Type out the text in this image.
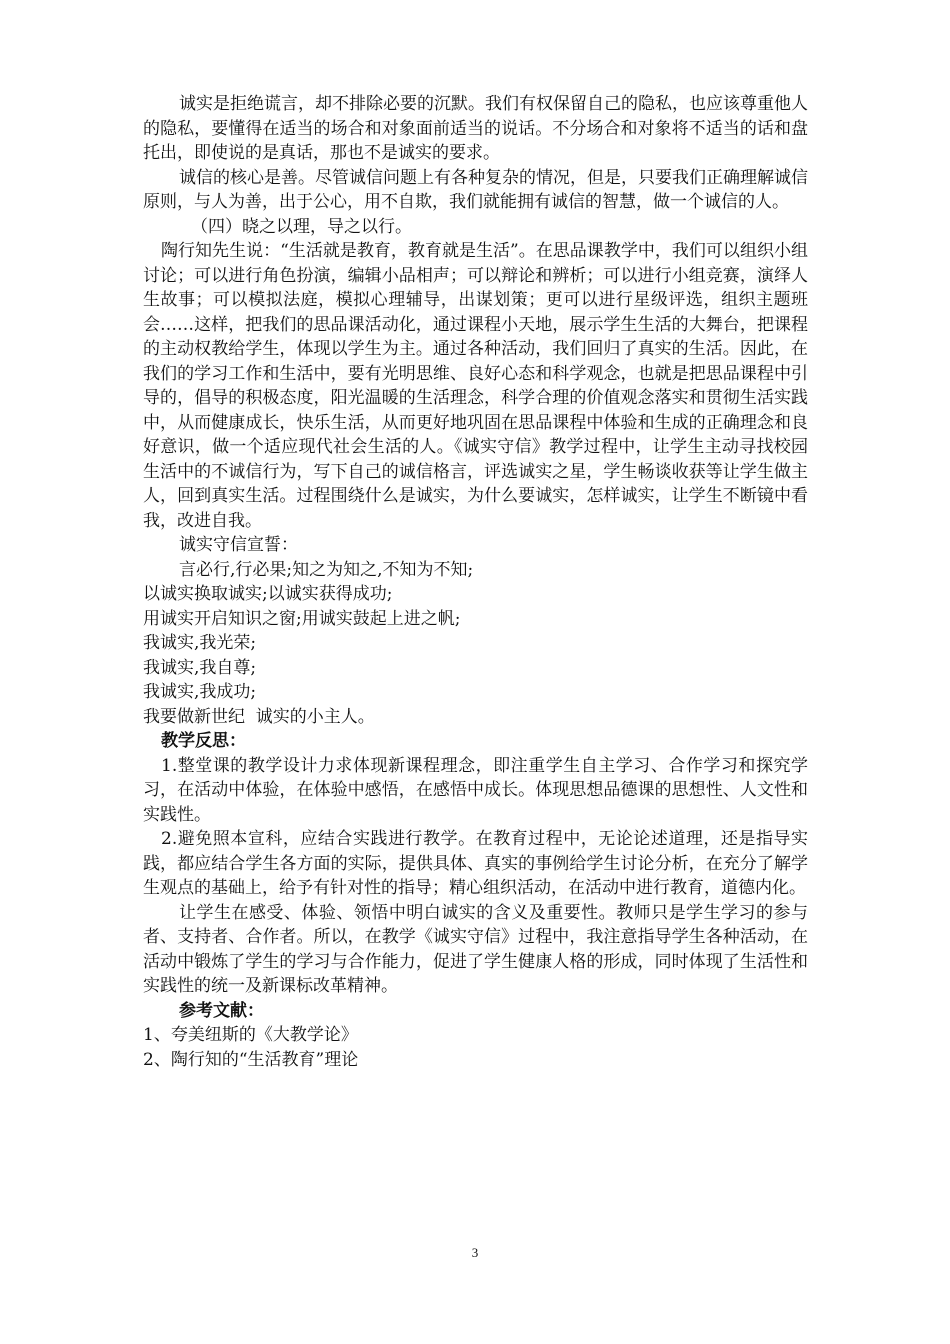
诚实是拒绝谎言，却不排除必要的沉默。我们有权保留自己的隐私，也应该尊重他人的隐私，要懂得在适当的场合和对象面前适当的说话。不分场合和对象将不适当的话和盘托出，即使说的是真话，那也不是诚实的要求。

诚信的核心是善。尽管诚信问题上有各种复杂的情况，但是，只要我们正确理解诚信原则，与人为善，出于公心，用不自欺，我们就能拥有诚信的智慧，做一个诚信的人。

（四）晓之以理，导之以行。

陶行知先生说：“生活就是教育，教育就是生活”。在思品课教学中，我们可以组织小组讨论；可以进行角色扮演，编辑小品相声；可以辩论和辨析；可以进行小组竞赛，演绎人生故事；可以模拟法庭，模拟心理辅导，出谋划策；更可以进行星级评选，组织主题班会……这样，把我们的思品课活动化，通过课程小天地，展示学生生活的大舞台，把课程的主动权教给学生，体现以学生为主。通过各种活动，我们回归了真实的生活。因此，在我们的学习工作和生活中，要有光明思维、良好心态和科学观念，也就是把思品课程中引导的，倡导的积极态度，阳光温暖的生活理念，科学合理的价值观念落实和贯彻生活实践中，从而健康成长，快乐生活，从而更好地巩固在思品课程中体验和生成的正确理念和良好意识，做一个适应现代社会生活的人。《诚实守信》教学过程中，让学生主动寻找校园生活中的不诚信行为，写下自己的诚信格言，评选诚实之星，学生畅谈收获等让学生做主人，回到真实生活。过程围绕什么是诚实，为什么要诚实，怎样诚实，让学生不断镜中看我，改进自我。

诚实守信宣誓：

言必行,行必果;知之为知之,不知为不知;

以诚实换取诚实;以诚实获得成功;

用诚实开启知识之窗;用诚实鼓起上进之帆;

我诚实,我光荣;

我诚实,我自尊;

我诚实,我成功;

我要做新世纪  诚实的小主人。

教学反思：

1.整堂课的教学设计力求体现新课程理念，即注重学生自主学习、合作学习和探究学习，在活动中体验，在体验中感悟，在感悟中成长。体现思想品德课的思想性、人文性和实践性。

2.避免照本宣科，应结合实践进行教学。在教育过程中，无论论述道理，还是指导实践，都应结合学生各方面的实际，提供具体、真实的事例给学生讨论分析，在充分了解学生观点的基础上，给予有针对性的指导；精心组织活动，在活动中进行教育，道德内化。

让学生在感受、体验、领悟中明白诚实的含义及重要性。教师只是学生学习的参与者、支持者、合作者。所以，在教学《诚实守信》过程中，我注意指导学生各种活动，在活动中锻炼了学生的学习与合作能力，促进了学生健康人格的形成，同时体现了生活性和实践性的统一及新课标改革精神。

参考文献：

1、夸美纽斯的《大教学论》

2、陶行知的“生活教育”理论

3
